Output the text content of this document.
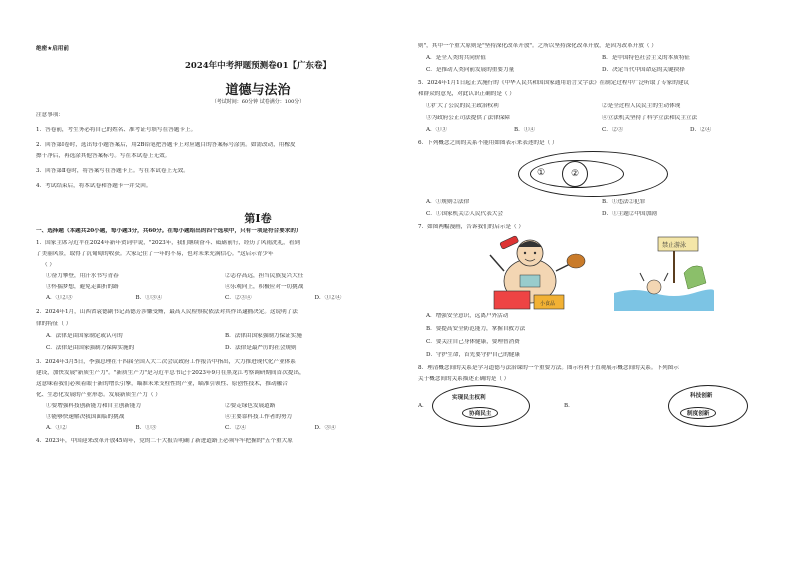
绝密★启用前
2024年中考押题预测卷01【广东卷】
道德与法治
（考试时间：60分钟 试卷满分：100分）
注意事项：
1．答卷前，考生务必将自己的姓名、准考证号填写在答题卡上。
2．回答第Ⅰ卷时，选出每小题答案后，用2B铅笔把答题卡上对应题目的答案标号涂黑。如需改动，用橡皮
擦干净后，再选涂其他答案标号。写在本试卷上无效。
3．回答第Ⅱ卷时，将答案写在答题卡上。写在本试卷上无效。
4．考试结束后，将本试卷和答题卡一并交回。
第Ⅰ卷
一、选择题（本题共20小题，每小题3分，共60分。在每小题给出的四个选项中，只有一项是符合要求的）
1．国家主席习近平在2024年新年贺词中说，"2023年，我们继续奋斗、砥砺前行，经历了风雨洗礼，看到
了美丽风景，取得了沉甸甸的收获。大家记住了一年的不易，也对未来充满信心。"这启示青少年
（ ）
①奋力攀登，用汗水书写青春	②志存高远，担当民族复兴大任
③怀揣梦想，避免走曲折的路	④乐观向上，积极应对一切挑战
A．①②③	B．①③④	C．②③④	D．①②④
2．2024年1月，山西省袁德副书记高德芳涉嫌受贿，最高人民检察院依法对其作出逮捕决定。这说明了法
律的特征（ ）
A．法律是由国家制定或认可的	B．法律由国家强制力保证实施
C．法律是由国家强制力保障实施的	D．法律是最严厉的社会规则
3．2024年3月5日，李强总理在十四届全国人大二次会议政府工作报告中指出，大力推进现代化产业体系
建设，加快发展"新质生产力"。"新质生产力"是习近平总书记于2023年9月在黑龙江考察调研期间首次提出，
这意味着我们必须着眼于新的增长引擎，瞄准未来支柱性的产业，瞄准引领性、原创性技术，推动融合
化、生态化发展的产业形态。发展新质生产力（ ）
①要增强科技创新能力和自主创新能力	②要走绿色发展道路
③能够快速解决我国面临的挑战	④主要靠科技工作者的努力
A．①②	B．①③	C．②④	D．③④
4．2023年，中国迎来改革开放45周年，党的二十大报告明确了新进道路上必须牢牢把握的"五个重大原
则"，其中一个重大原则是"坚持深化改革开放"。之所以坚持深化改革开放，是因为改革开放（ ）
A．是全人类的共同价值	B．是中国特色社会主义的本质特征
C．是推动人类向前发展的重要力量	D．决定当代中国命运的关键抉择
5．2024年1月1日起正式施行的《中华人民共和国国家通用语言文字法》在制定过程中广泛听取了专家的建议
和群众的意见，对此认识正确的是（ ）
①扩大了公民的民主政治权利	②是全过程人民民主的生动体现
③为政府公正司法提供了法律保障	④立法机关坚持了科学立法和民主立法
A．①③	B．①④	C．②③	D．②④
6．下列概念之间的关系不能用如图表示来表述的是（ ）
①	②
A．①规则②法律	B．①违法②犯罪
C．①国家机关②人民代表大会	D．①主题②中国加剧
7．如图两幅漫画，告诉我们的启示是（ ）
小食品
禁止游泳
A．增强安全意识，远离户外活动
B．要提高安全防范能力，掌握自救方法
C．要关注自己身体健康，要理智消费
D．守护生命，首先要守护自己的健康
8．理清概念间的关系是学习道德与法治课的一个重要方法。图示有利于直观展示概念间的关系。下列图示
关于概念间的关系描述正确的是（ ）
A．
实现民主权利
协商民主
B．
科技创新
制度创新
